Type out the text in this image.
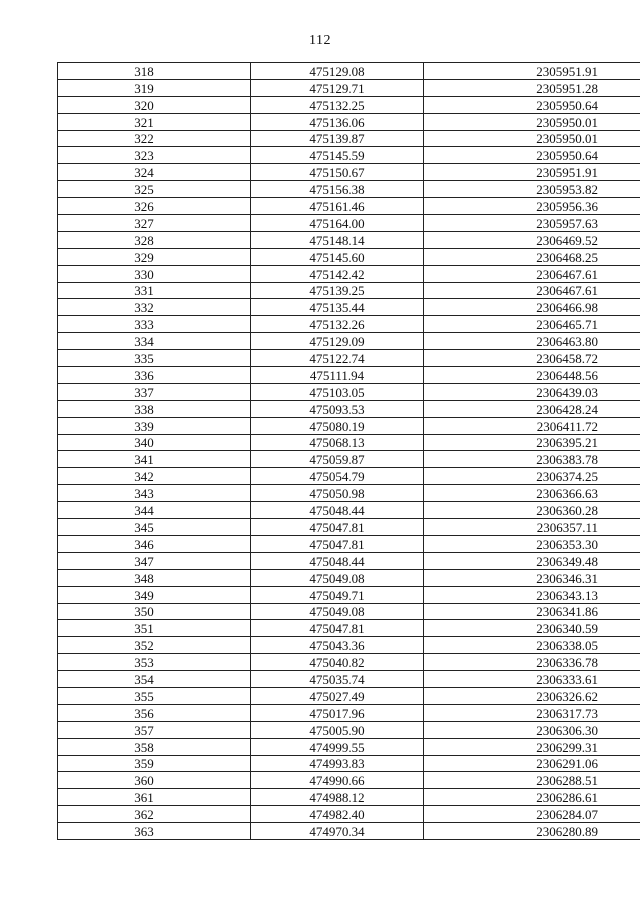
112
318	475129.08	2305951.91
319	475129.71	2305951.28
320	475132.25	2305950.64
321	475136.06	2305950.01
322	475139.87	2305950.01
323	475145.59	2305950.64
324	475150.67	2305951.91
325	475156.38	2305953.82
326	475161.46	2305956.36
327	475164.00	2305957.63
328	475148.14	2306469.52
329	475145.60	2306468.25
330	475142.42	2306467.61
331	475139.25	2306467.61
332	475135.44	2306466.98
333	475132.26	2306465.71
334	475129.09	2306463.80
335	475122.74	2306458.72
336	475111.94	2306448.56
337	475103.05	2306439.03
338	475093.53	2306428.24
339	475080.19	2306411.72
340	475068.13	2306395.21
341	475059.87	2306383.78
342	475054.79	2306374.25
343	475050.98	2306366.63
344	475048.44	2306360.28
345	475047.81	2306357.11
346	475047.81	2306353.30
347	475048.44	2306349.48
348	475049.08	2306346.31
349	475049.71	2306343.13
350	475049.08	2306341.86
351	475047.81	2306340.59
352	475043.36	2306338.05
353	475040.82	2306336.78
354	475035.74	2306333.61
355	475027.49	2306326.62
356	475017.96	2306317.73
357	475005.90	2306306.30
358	474999.55	2306299.31
359	474993.83	2306291.06
360	474990.66	2306288.51
361	474988.12	2306286.61
362	474982.40	2306284.07
363	474970.34	2306280.89
